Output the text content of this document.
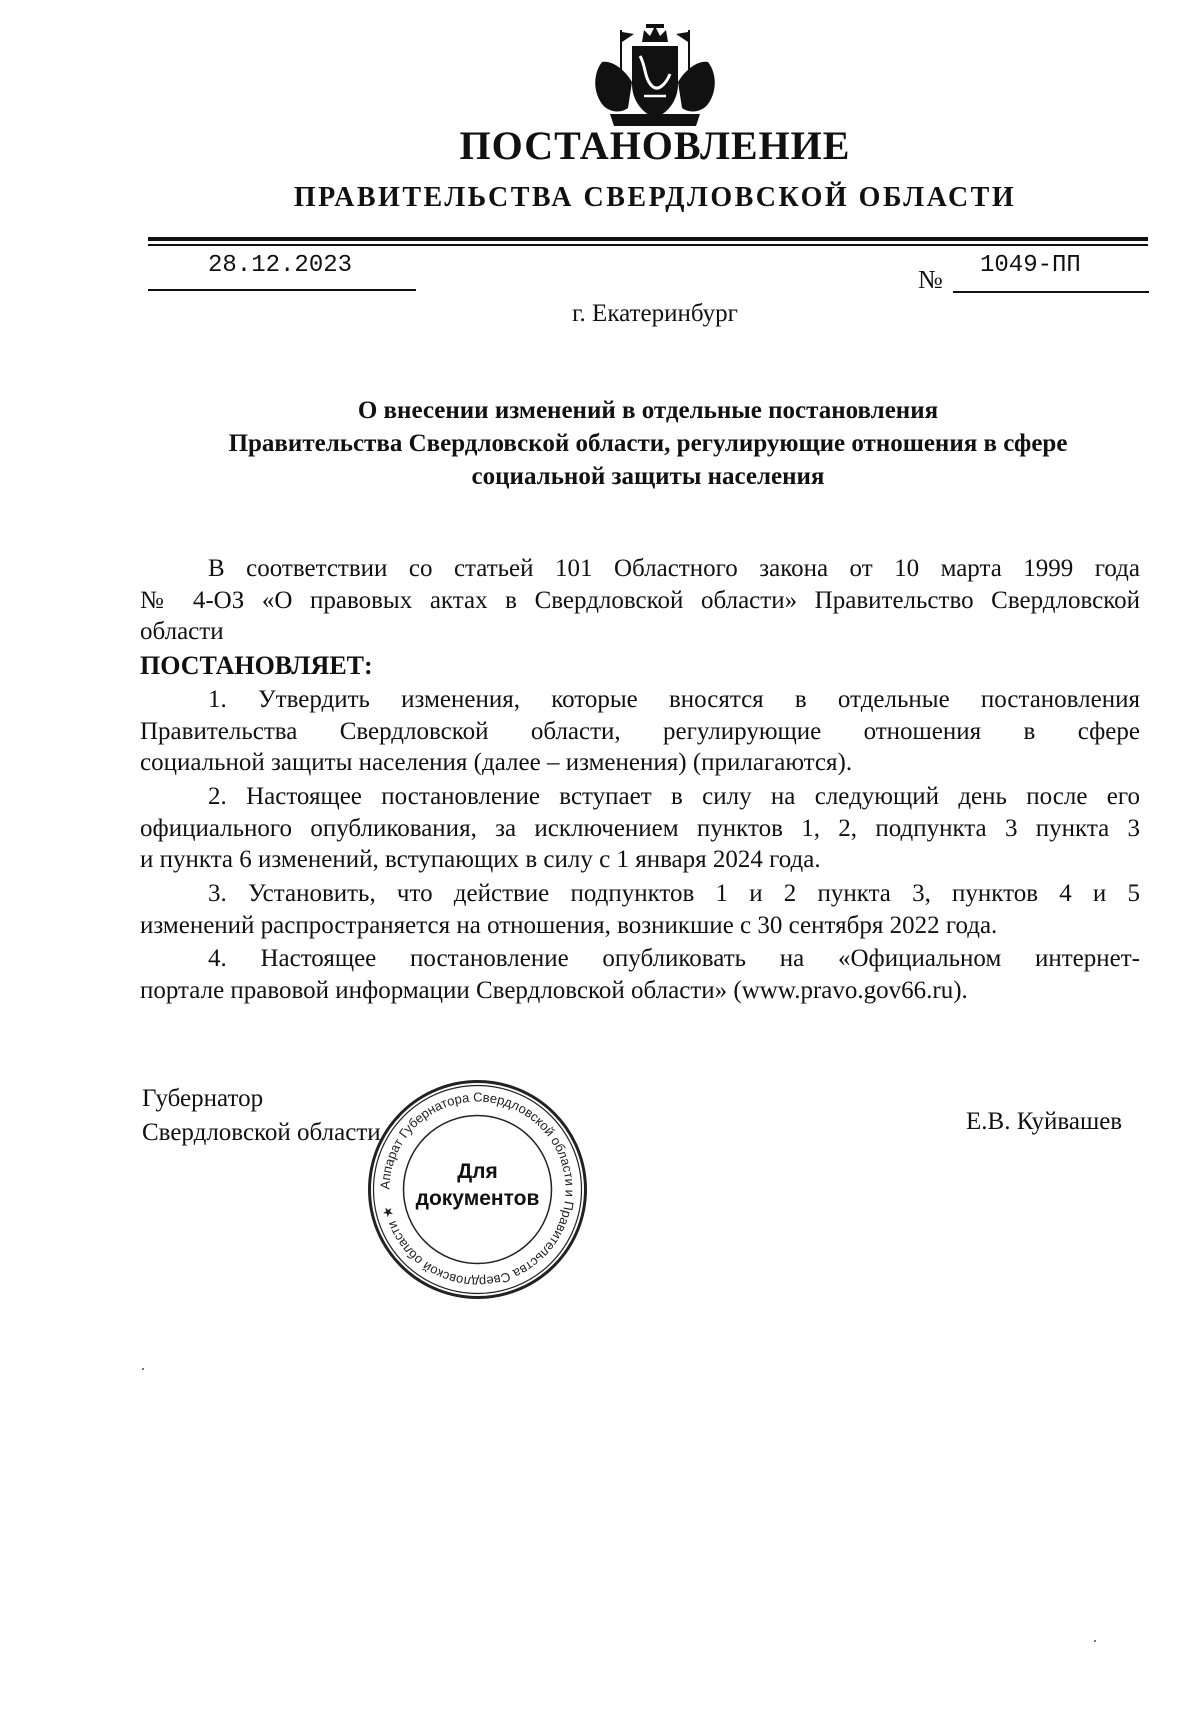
ПОСТАНОВЛЕНИЕ
ПРАВИТЕЛЬСТВА СВЕРДЛОВСКОЙ ОБЛАСТИ
28.12.2023	№ 1049-ПП
г. Екатеринбург
О внесении изменений в отдельные постановления
Правительства Свердловской области, регулирующие отношения в сфере
социальной защиты населения
В соответствии со статьей 101 Областного закона от 10 марта 1999 года
№ 4-ОЗ «О правовых актах в Свердловской области» Правительство Свердловской
области
ПОСТАНОВЛЯЕТ:
1. Утвердить изменения, которые вносятся в отдельные постановления
Правительства Свердловской области, регулирующие отношения в сфере
социальной защиты населения (далее – изменения) (прилагаются).
2. Настоящее постановление вступает в силу на следующий день после его
официального опубликования, за исключением пунктов 1, 2, подпункта 3 пункта 3
и пункта 6 изменений, вступающих в силу с 1 января 2024 года.
3. Установить, что действие подпунктов 1 и 2 пункта 3, пунктов 4 и 5
изменений распространяется на отношения, возникшие с 30 сентября 2022 года.
4. Настоящее постановление опубликовать на «Официальном интернет-
портале правовой информации Свердловской области» (www.pravo.gov66.ru).
Губернатор
Свердловской области	Е.В. Куйвашев
Аппарат Губернатора Свердловской области и Правительства Свердловской области ★
Для
документов
